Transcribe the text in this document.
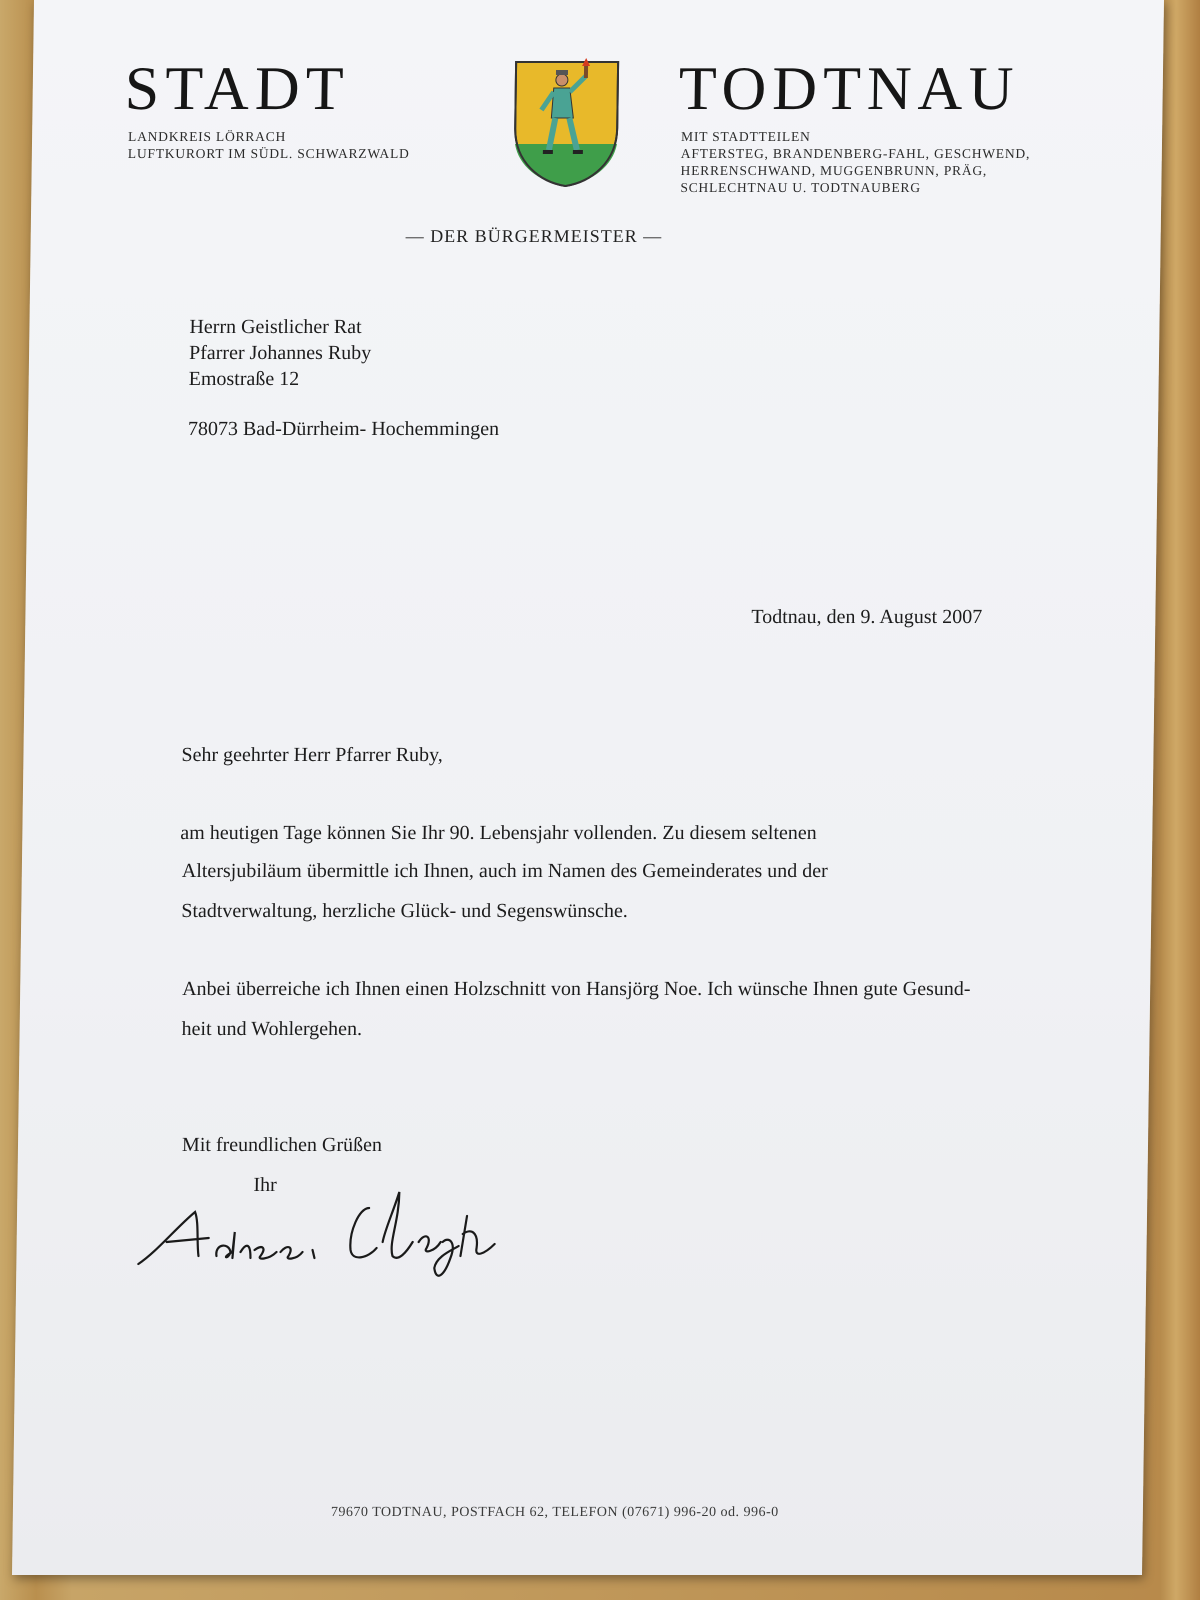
STADT
LANDKREIS LÖRRACH
LUFTKURORT IM SÜDL. SCHWARZWALD
TODTNAU
MIT STADTTEILEN
AFTERSTEG, BRANDENBERG-FAHL, GESCHWEND,
HERRENSCHWAND, MUGGENBRUNN, PRÄG,
SCHLECHTNAU U. TODTNAUBERG
— DER BÜRGERMEISTER —
Herrn Geistlicher Rat
Pfarrer Johannes Ruby
Emostraße 12
78073 Bad-Dürrheim- Hochemmingen
Todtnau, den 9. August 2007
Sehr geehrter Herr Pfarrer Ruby,
am heutigen Tage können Sie Ihr 90. Lebensjahr vollenden. Zu diesem seltenen
Altersjubiläum übermittle ich Ihnen, auch im Namen des Gemeinderates und der
Stadtverwaltung, herzliche Glück- und Segenswünsche.
Anbei überreiche ich Ihnen einen Holzschnitt von Hansjörg Noe. Ich wünsche Ihnen gute Gesund-
heit und Wohlergehen.
Mit freundlichen Grüßen
Ihr
79670 TODTNAU, POSTFACH 62, TELEFON (07671) 996-20 od. 996-0
